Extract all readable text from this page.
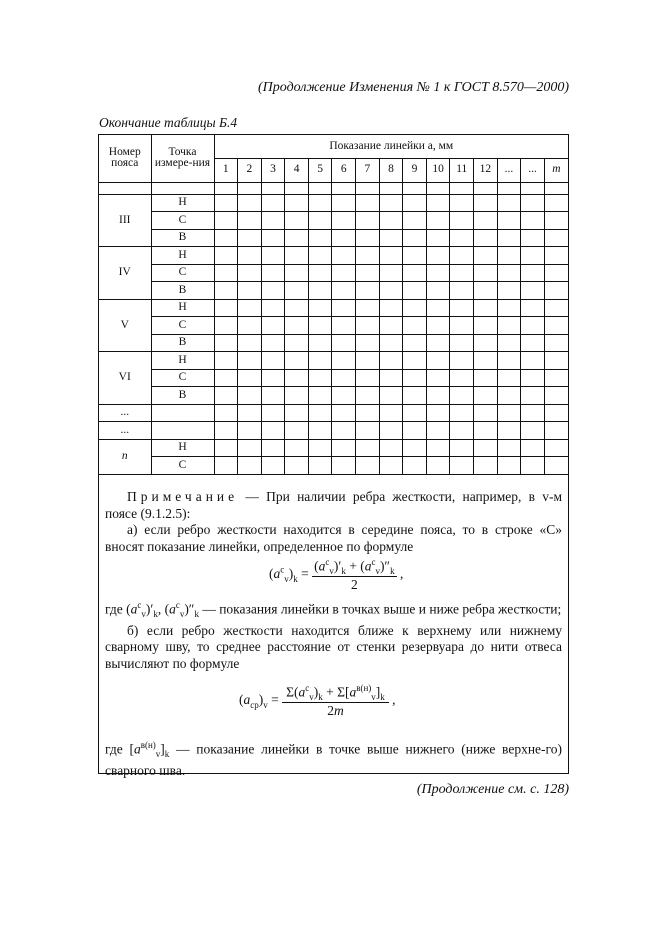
(Продолжение Изменения № 1 к ГОСТ 8.570—2000)
Окончание таблицы Б.4
Номер пояса	Точка измере-ния	Показание линейки a, мм														
		1	2	3	4	5	6	7	8	9	10	11	12	...	...	m

III	Н															
	С															
	В															
IV	Н															
	С															
	В															
V	Н															
	С															
	В															
VI	Н															
	С															
	В															
...																
...																
n	Н															
	С															

Примечание — При наличии ребра жесткости, например, в v-м поясе (9.1.2.5):

а) если ребро жесткости находится в середине пояса, то в строке «С» вносят показание линейки, определенное по формуле

$(a^c_v)_k = \frac{(a^c_v)'_k + (a^c_v)''_k}{2}$ ,

где $(a^c_v)'_k$, $(a^c_v)''_k$ — показания линейки в точках выше и ниже ребра жесткости;

б) если ребро жесткости находится ближе к верхнему или нижнему сварному шву, то среднее расстояние от стенки резервуара до нити отвеса вычисляют по формуле

$(a_{ср})_v$ =
$\Sigma(a^c_v)_k + \Sigma[a^{в(н)}_v]_k$
2m
,

где $[a^{в(н)}_v]_k$ — показание линейки в точке выше нижнего (ниже верхне-го) сварного шва.

(Продолжение см. с. 128)
